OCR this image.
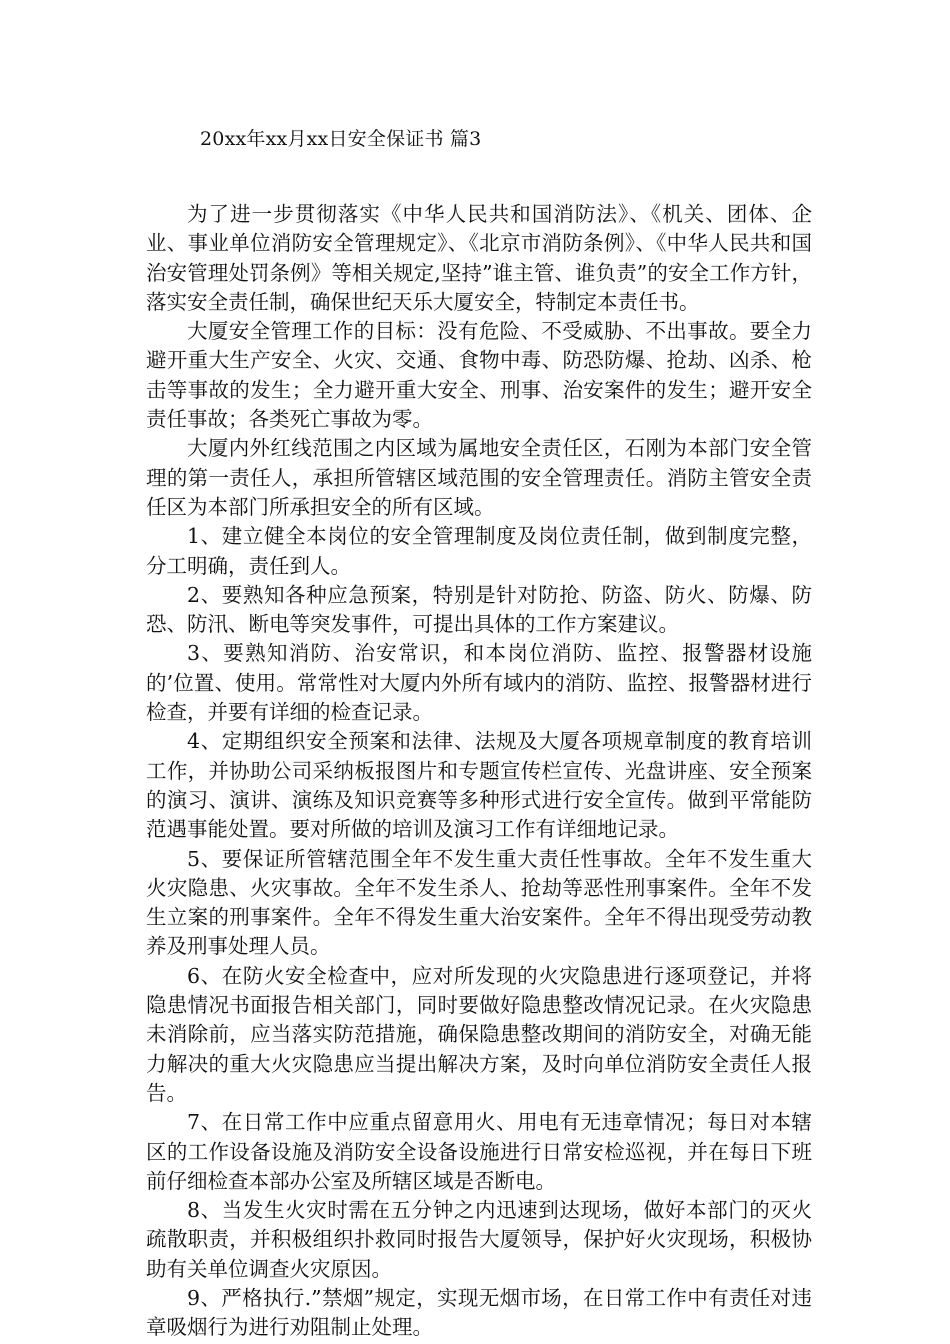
20xx年xx月xx日安全保证书 篇3

为了进一步贯彻落实《中华人民共和国消防法》、《机关、团体、企业、事业单位消防安全管理规定》、《北京市消防条例》、《中华人民共和国治安管理处罚条例》等相关规定,坚持”谁主管、谁负责”的安全工作方针，落实安全责任制，确保世纪天乐大厦安全，特制定本责任书。

大厦安全管理工作的目标：没有危险、不受威胁、不出事故。要全力避开重大生产安全、火灾、交通、食物中毒、防恐防爆、抢劫、凶杀、枪击等事故的发生；全力避开重大安全、刑事、治安案件的发生；避开安全责任事故；各类死亡事故为零。

大厦内外红线范围之内区域为属地安全责任区，石刚为本部门安全管理的第一责任人，承担所管辖区域范围的安全管理责任。消防主管安全责任区为本部门所承担安全的所有区域。

1、建立健全本岗位的安全管理制度及岗位责任制，做到制度完整，分工明确，责任到人。

2、要熟知各种应急预案，特别是针对防抢、防盗、防火、防爆、防恐、防汛、断电等突发事件，可提出具体的工作方案建议。

3、要熟知消防、治安常识，和本岗位消防、监控、报警器材设施的’位置、使用。常常性对大厦内外所有域内的消防、监控、报警器材进行检查，并要有详细的检查记录。

4、定期组织安全预案和法律、法规及大厦各项规章制度的教育培训工作，并协助公司采纳板报图片和专题宣传栏宣传、光盘讲座、安全预案的演习、演讲、演练及知识竞赛等多种形式进行安全宣传。做到平常能防范遇事能处置。要对所做的培训及演习工作有详细地记录。

5、要保证所管辖范围全年不发生重大责任性事故。全年不发生重大火灾隐患、火灾事故。全年不发生杀人、抢劫等恶性刑事案件。全年不发生立案的刑事案件。全年不得发生重大治安案件。全年不得出现受劳动教养及刑事处理人员。

6、在防火安全检查中，应对所发现的火灾隐患进行逐项登记，并将隐患情况书面报告相关部门，同时要做好隐患整改情况记录。在火灾隐患未消除前，应当落实防范措施，确保隐患整改期间的消防安全，对确无能力解决的重大火灾隐患应当提出解决方案，及时向单位消防安全责任人报告。

7、在日常工作中应重点留意用火、用电有无违章情况；每日对本辖区的工作设备设施及消防安全设备设施进行日常安检巡视，并在每日下班前仔细检查本部办公室及所辖区域是否断电。

8、当发生火灾时需在五分钟之内迅速到达现场，做好本部门的灭火疏散职责，并积极组织扑救同时报告大厦领导，保护好火灾现场，积极协助有关单位调查火灾原因。

9、严格执行.”禁烟”规定，实现无烟市场，在日常工作中有责任对违章吸烟行为进行劝阻制止处理。
